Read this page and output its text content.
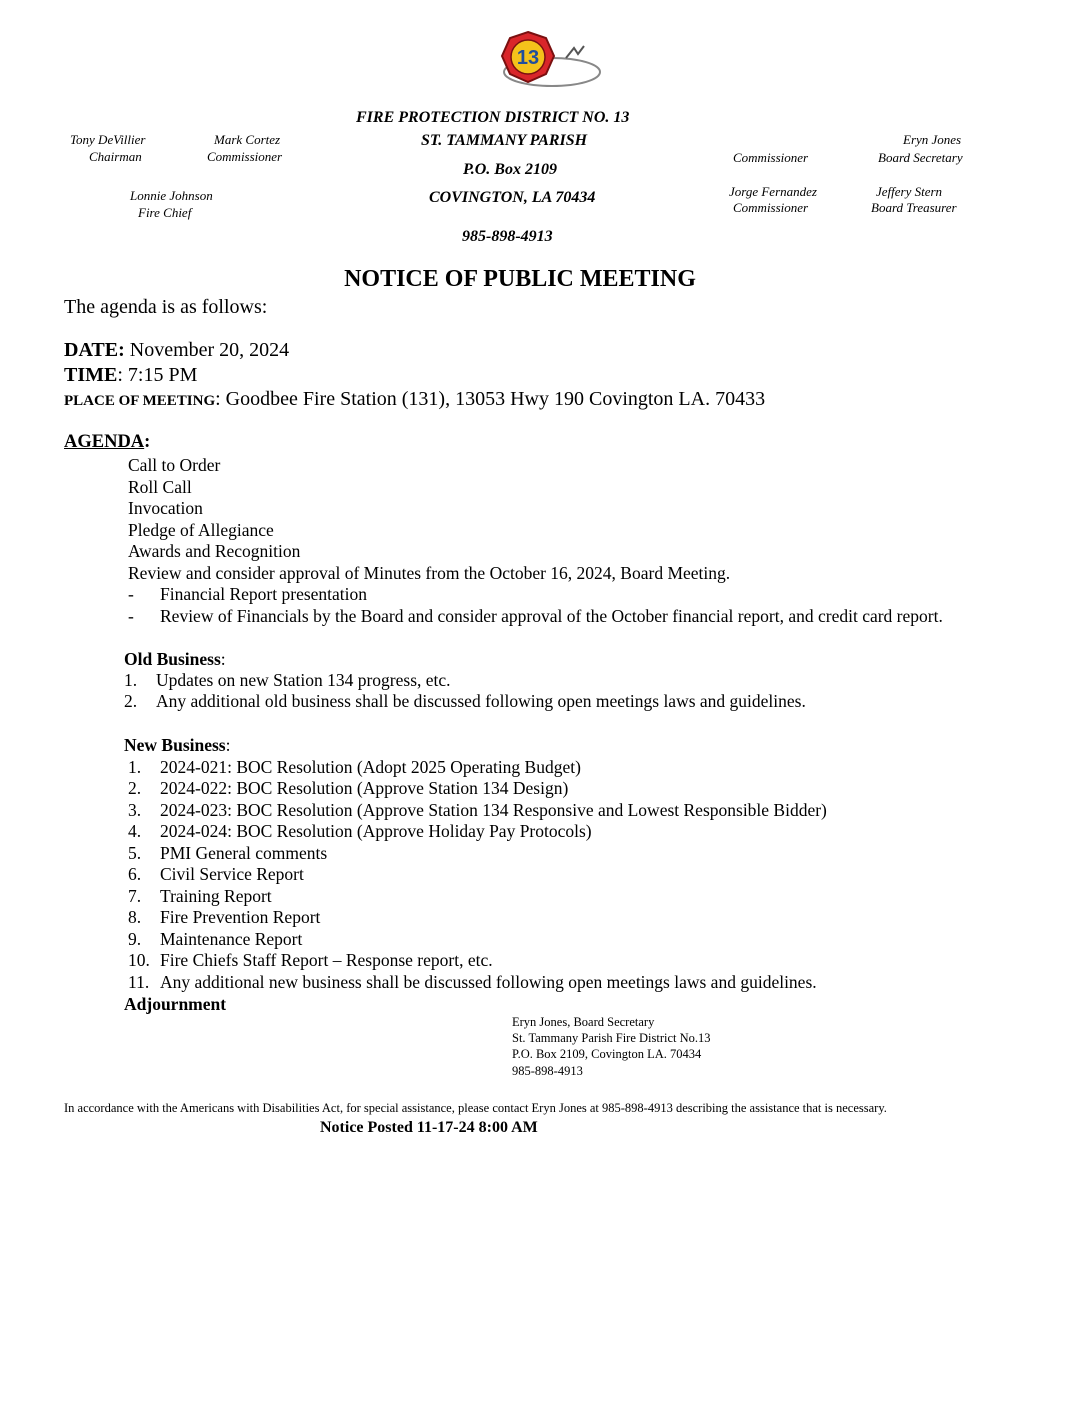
13
FIRE PROTECTION DISTRICT NO. 13
ST. TAMMANY PARISH
P.O. Box 2109
COVINGTON, LA 70434
985-898-4913
Tony DeVillier
Chairman
Mark Cortez
Commissioner
Lonnie Johnson
Fire Chief
Commissioner
Eryn Jones
Board Secretary
Jorge Fernandez
Commissioner
Jeffery Stern
Board Treasurer
NOTICE OF PUBLIC MEETING
The agenda is as follows:
DATE: November 20, 2024
TIME: 7:15 PM
PLACE OF MEETING: Goodbee Fire Station (131), 13053 Hwy 190 Covington LA. 70433
AGENDA:
Call to Order
Roll Call
Invocation
Pledge of Allegiance
Awards and Recognition
Review and consider approval of Minutes from the October 16, 2024, Board Meeting.
- Financial Report presentation
- Review of Financials by the Board and consider approval of the October financial report, and credit card report.
Old Business:
1. Updates on new Station 134 progress, etc.
2. Any additional old business shall be discussed following open meetings laws and guidelines.
New Business:
1. 2024-021: BOC Resolution (Adopt 2025 Operating Budget)
2. 2024-022: BOC Resolution (Approve Station 134 Design)
3. 2024-023: BOC Resolution (Approve Station 134 Responsive and Lowest Responsible Bidder)
4. 2024-024: BOC Resolution (Approve Holiday Pay Protocols)
5. PMI General comments
6. Civil Service Report
7. Training Report
8. Fire Prevention Report
9. Maintenance Report
10. Fire Chiefs Staff Report – Response report, etc.
11. Any additional new business shall be discussed following open meetings laws and guidelines.
Adjournment
Eryn Jones, Board Secretary
St. Tammany Parish Fire District No.13
P.O. Box 2109, Covington LA. 70434
985-898-4913
In accordance with the Americans with Disabilities Act, for special assistance, please contact Eryn Jones at 985-898-4913 describing the assistance that is necessary.
Notice Posted 11-17-24 8:00 AM
